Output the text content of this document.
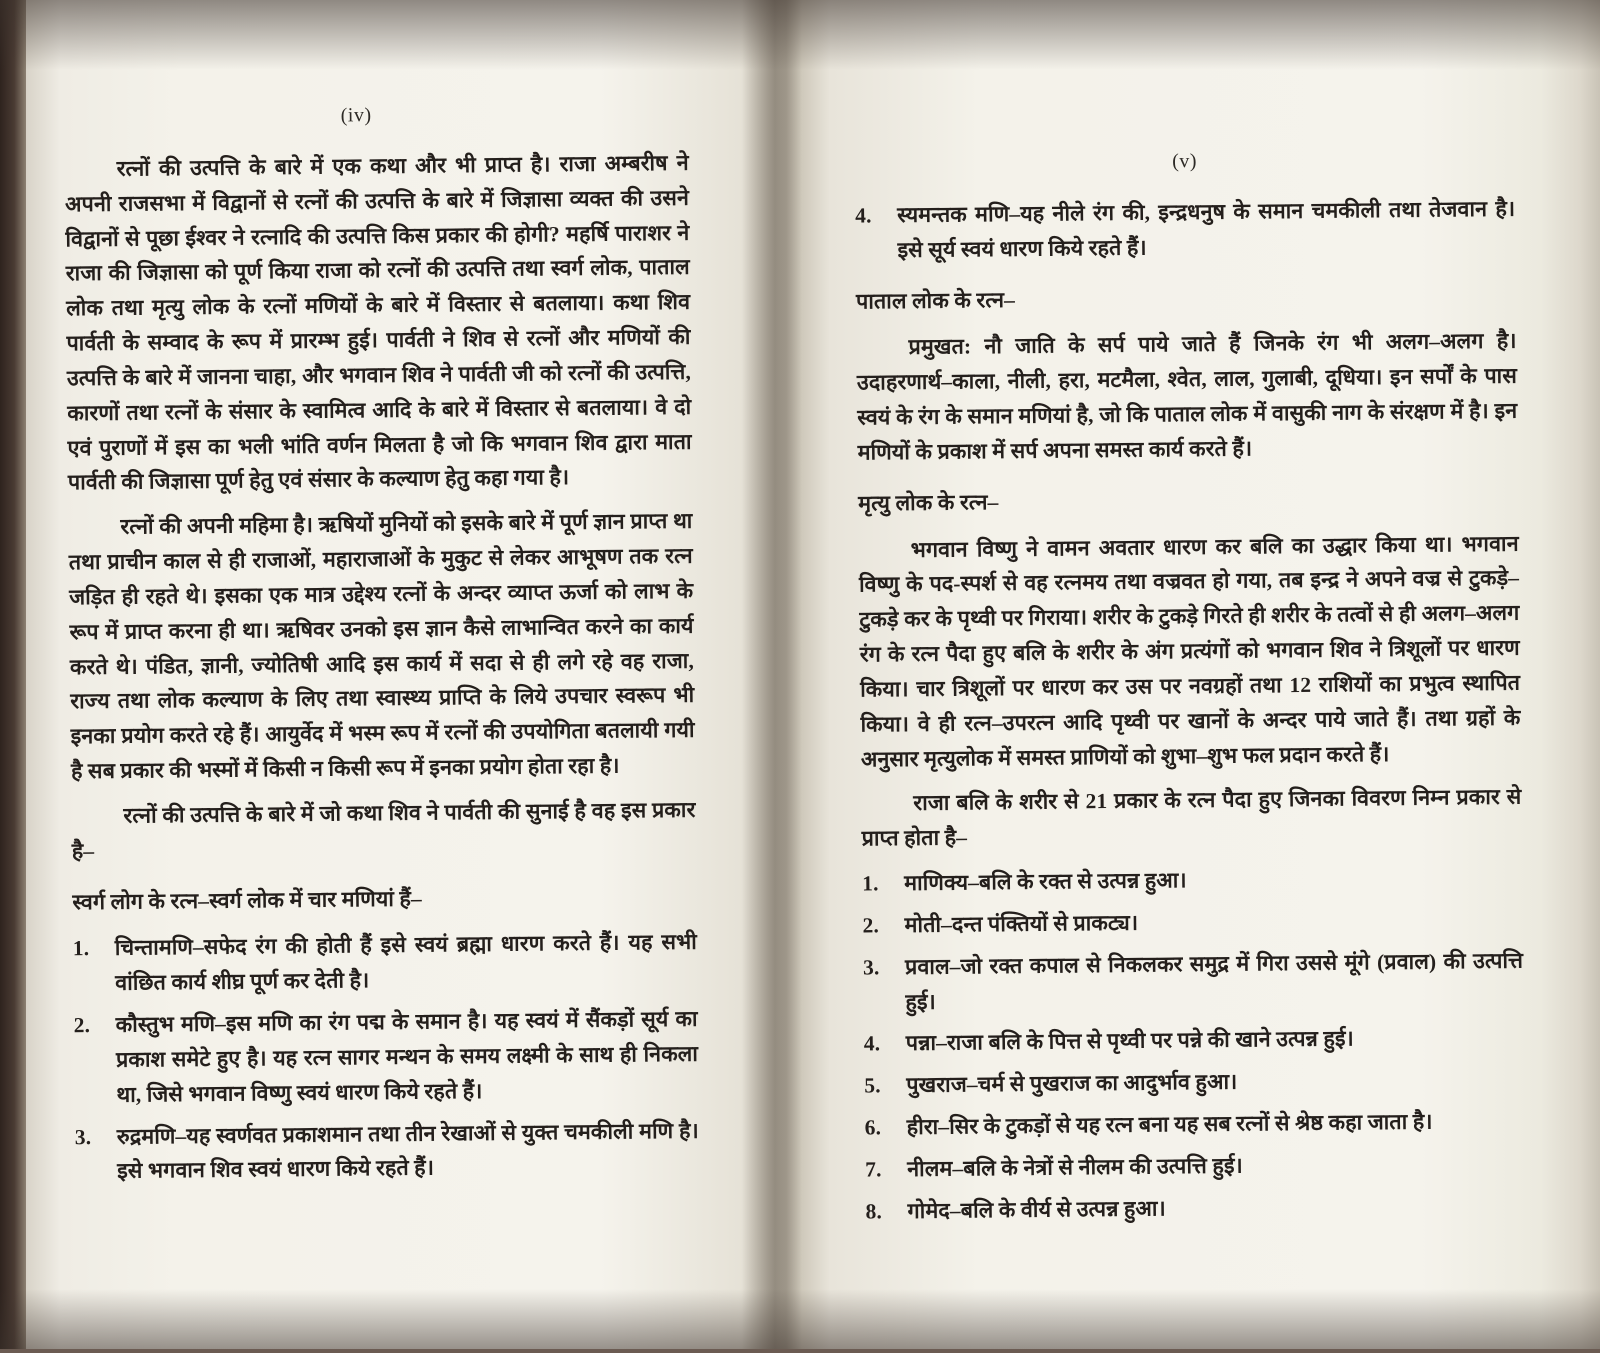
(iv)

रत्नों की उत्पत्ति के बारे में एक कथा और भी प्राप्त है। राजा अम्बरीष ने अपनी राजसभा में विद्वानों से रत्नों की उत्पत्ति के बारे में जिज्ञासा व्यक्त की उसने विद्वानों से पूछा ईश्वर ने रत्नादि की उत्पत्ति किस प्रकार की होगी? महर्षि पाराशर ने राजा की जिज्ञासा को पूर्ण किया राजा को रत्नों की उत्पत्ति तथा स्वर्ग लोक, पाताल लोक तथा मृत्यु लोक के रत्नों मणियों के बारे में विस्तार से बतलाया। कथा शिव पार्वती के सम्वाद के रूप में प्रारम्भ हुई। पार्वती ने शिव से रत्नों और मणियों की उत्पत्ति के बारे में जानना चाहा, और भगवान शिव ने पार्वती जी को रत्नों की उत्पत्ति, कारणों तथा रत्नों के संसार के स्वामित्व आदि के बारे में विस्तार से बतलाया। वे दो एवं पुराणों में इस का भली भांति वर्णन मिलता है जो कि भगवान शिव द्वारा माता पार्वती की जिज्ञासा पूर्ण हेतु एवं संसार के कल्याण हेतु कहा गया है।

रत्नों की अपनी महिमा है। ऋषियों मुनियों को इसके बारे में पूर्ण ज्ञान प्राप्त था तथा प्राचीन काल से ही राजाओं, महाराजाओं के मुकुट से लेकर आभूषण तक रत्न जड़ित ही रहते थे। इसका एक मात्र उद्देश्य रत्नों के अन्दर व्याप्त ऊर्जा को लाभ के रूप में प्राप्त करना ही था। ऋषिवर उनको इस ज्ञान कैसे लाभान्वित करने का कार्य करते थे। पंडित, ज्ञानी, ज्योतिषी आदि इस कार्य में सदा से ही लगे रहे वह राजा, राज्य तथा लोक कल्याण के लिए तथा स्वास्थ्य प्राप्ति के लिये उपचार स्वरूप भी इनका प्रयोग करते रहे हैं। आयुर्वेद में भस्म रूप में रत्नों की उपयोगिता बतलायी गयी है सब प्रकार की भस्मों में किसी न किसी रूप में इनका प्रयोग होता रहा है।

रत्नों की उत्पत्ति के बारे में जो कथा शिव ने पार्वती की सुनाई है वह इस प्रकार है–

स्वर्ग लोग के रत्न–स्वर्ग लोक में चार मणियां हैं–
1. चिन्तामणि–सफेद रंग की होती हैं इसे स्वयं ब्रह्मा धारण करते हैं। यह सभी वांछित कार्य शीघ्र पूर्ण कर देती है।
2. कौस्तुभ मणि–इस मणि का रंग पद्म के समान है। यह स्वयं में सैंकड़ों सूर्य का प्रकाश समेटे हुए है। यह रत्न सागर मन्थन के समय लक्ष्मी के साथ ही निकला था, जिसे भगवान विष्णु स्वयं धारण किये रहते हैं।
3. रुद्रमणि–यह स्वर्णवत प्रकाशमान तथा तीन रेखाओं से युक्त चमकीली मणि है। इसे भगवान शिव स्वयं धारण किये रहते हैं।
(v)
4. स्यमन्तक मणि–यह नीले रंग की, इन्द्रधनुष के समान चमकीली तथा तेजवान है। इसे सूर्य स्वयं धारण किये रहते हैं।
पाताल लोक के रत्न–

प्रमुखत: नौ जाति के सर्प पाये जाते हैं जिनके रंग भी अलग–अलग है। उदाहरणार्थ–काला, नीली, हरा, मटमैला, श्वेत, लाल, गुलाबी, दूधिया। इन सर्पों के पास स्वयं के रंग के समान मणियां है, जो कि पाताल लोक में वासुकी नाग के संरक्षण में है। इन मणियों के प्रकाश में सर्प अपना समस्त कार्य करते हैं।

मृत्यु लोक के रत्न–

भगवान विष्णु ने वामन अवतार धारण कर बलि का उद्धार किया था। भगवान विष्णु के पद-स्पर्श से वह रत्नमय तथा वज्रवत हो गया, तब इन्द्र ने अपने वज्र से टुकड़े–टुकड़े कर के पृथ्वी पर गिराया। शरीर के टुकड़े गिरते ही शरीर के तत्वों से ही अलग–अलग रंग के रत्न पैदा हुए बलि के शरीर के अंग प्रत्यंगों को भगवान शिव ने त्रिशूलों पर धारण किया। चार त्रिशूलों पर धारण कर उस पर नवग्रहों तथा 12 राशियों का प्रभुत्व स्थापित किया। वे ही रत्न–उपरत्न आदि पृथ्वी पर खानों के अन्दर पाये जाते हैं। तथा ग्रहों के अनुसार मृत्युलोक में समस्त प्राणियों को शुभा–शुभ फल प्रदान करते हैं।

राजा बलि के शरीर से 21 प्रकार के रत्न पैदा हुए जिनका विवरण निम्न प्रकार से प्राप्त होता है–

1. माणिक्य–बलि के रक्त से उत्पन्न हुआ।
2. मोती–दन्त पंक्तियों से प्राकट्य।
3. प्रवाल–जो रक्त कपाल से निकलकर समुद्र में गिरा उससे मूंगे (प्रवाल) की उत्पत्ति हुई।
4. पन्ना–राजा बलि के पित्त से पृथ्वी पर पन्ने की खाने उत्पन्न हुई।
5. पुखराज–चर्म से पुखराज का आदुर्भाव हुआ।
6. हीरा–सिर के टुकड़ों से यह रत्न बना यह सब रत्नों से श्रेष्ठ कहा जाता है।
7. नीलम–बलि के नेत्रों से नीलम की उत्पत्ति हुई।
8. गोमेद–बलि के वीर्य से उत्पन्न हुआ।
